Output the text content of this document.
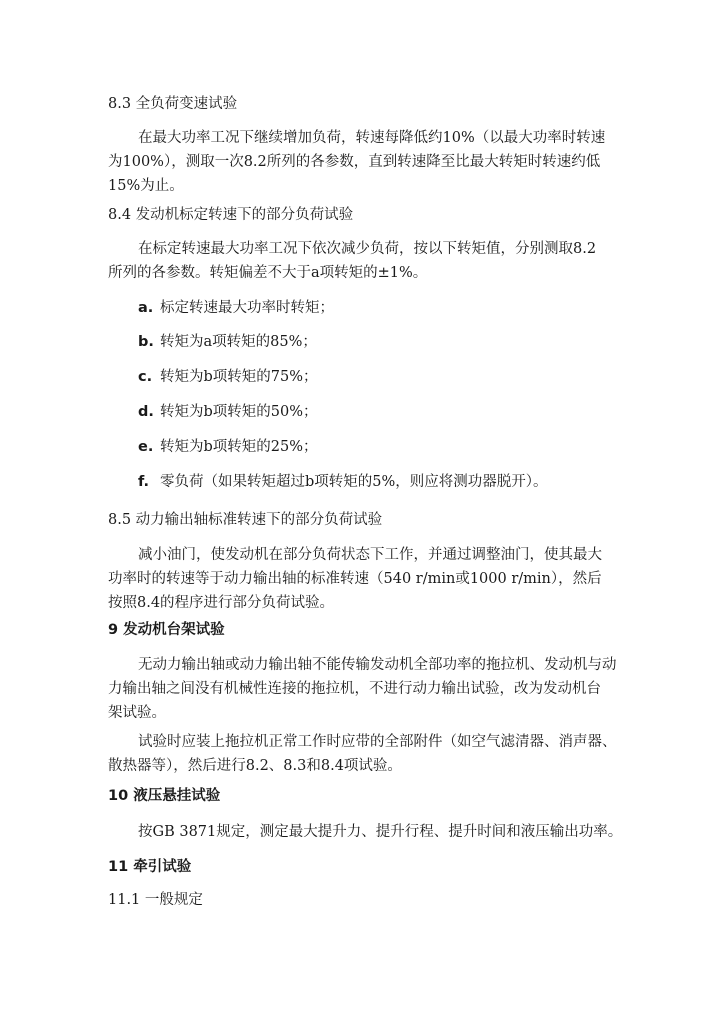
8.3 全负荷变速试验
在最大功率工况下继续增加负荷，转速每降低约10%（以最大功率时转速
为100%），测取一次8.2所列的各参数，直到转速降至比最大转矩时转速约低
15%为止。
8.4 发动机标定转速下的部分负荷试验
在标定转速最大功率工况下依次减少负荷，按以下转矩值，分别测取8.2
所列的各参数。转矩偏差不大于a项转矩的±1%。
a. 标定转速最大功率时转矩；
b. 转矩为a项转矩的85%；
c. 转矩为b项转矩的75%；
d. 转矩为b项转矩的50%；
e. 转矩为b项转矩的25%；
f. 零负荷（如果转矩超过b项转矩的5%，则应将测功器脱开）。
8.5 动力输出轴标准转速下的部分负荷试验
减小油门，使发动机在部分负荷状态下工作，并通过调整油门，使其最大
功率时的转速等于动力输出轴的标准转速（540 r/min或1000 r/min），然后
按照8.4的程序进行部分负荷试验。
9 发动机台架试验
无动力输出轴或动力输出轴不能传输发动机全部功率的拖拉机、发动机与动
力输出轴之间没有机械性连接的拖拉机，不进行动力输出试验，改为发动机台
架试验。
试验时应装上拖拉机正常工作时应带的全部附件（如空气滤清器、消声器、
散热器等），然后进行8.2、8.3和8.4项试验。
10 液压悬挂试验
按GB 3871规定，测定最大提升力、提升行程、提升时间和液压输出功率。
11 牵引试验
11.1 一般规定
